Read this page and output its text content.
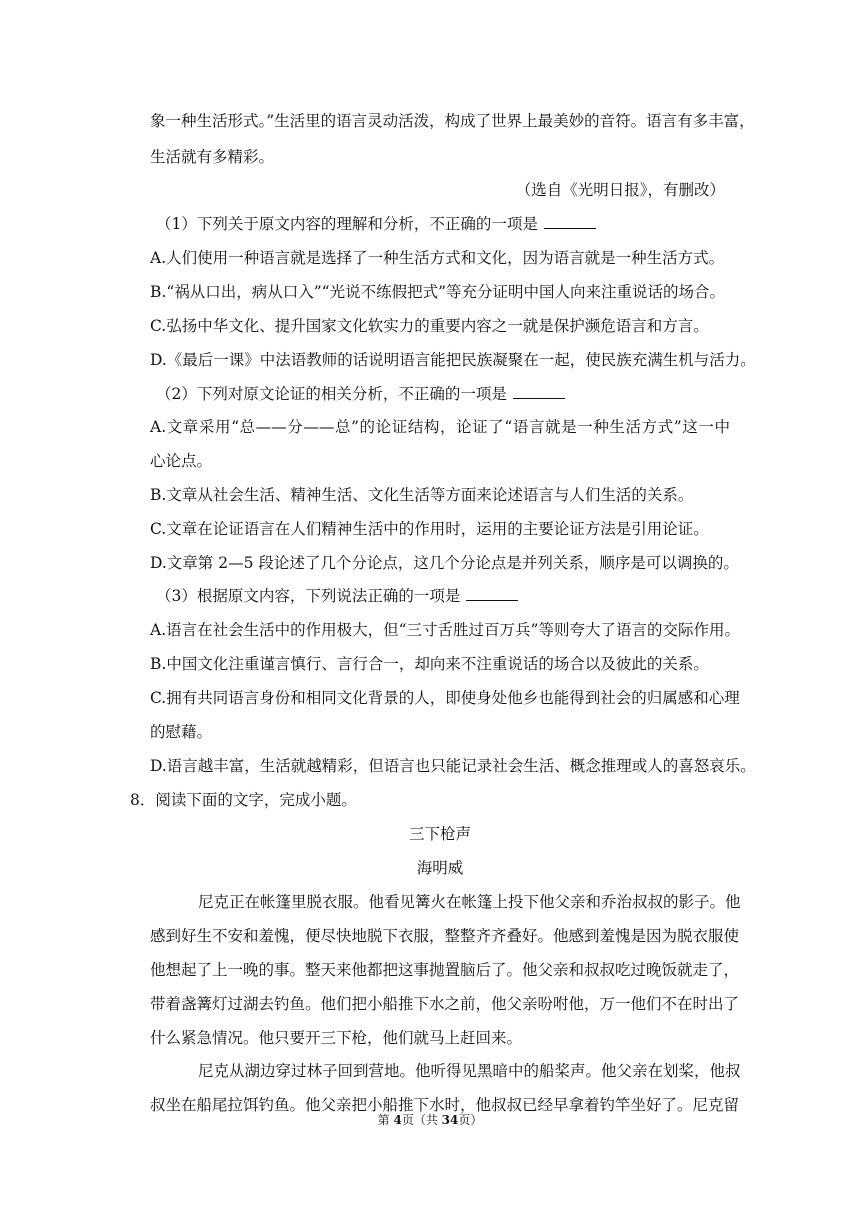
象一种生活形式。”生活里的语言灵动活泼，构成了世界上最美妙的音符。语言有多丰富，
生活就有多精彩。
（选自《光明日报》，有删改）
（1）下列关于原文内容的理解和分析，不正确的一项是
A.人们使用一种语言就是选择了一种生活方式和文化，因为语言就是一种生活方式。
B.“祸从口出，病从口入”“光说不练假把式”等充分证明中国人向来注重说话的场合。
C.弘扬中华文化、提升国家文化软实力的重要内容之一就是保护濒危语言和方言。
D.《最后一课》中法语教师的话说明语言能把民族凝聚在一起，使民族充满生机与活力。
（2）下列对原文论证的相关分析，不正确的一项是
A.文章采用“总——分——总”的论证结构，论证了“语言就是一种生活方式”这一中
心论点。
B.文章从社会生活、精神生活、文化生活等方面来论述语言与人们生活的关系。
C.文章在论证语言在人们精神生活中的作用时，运用的主要论证方法是引用论证。
D.文章第 2—5 段论述了几个分论点，这几个分论点是并列关系，顺序是可以调换的。
（3）根据原文内容，下列说法正确的一项是
A.语言在社会生活中的作用极大，但“三寸舌胜过百万兵”等则夸大了语言的交际作用。
B.中国文化注重谨言慎行、言行合一，却向来不注重说话的场合以及彼此的关系。
C.拥有共同语言身份和相同文化背景的人，即使身处他乡也能得到社会的归属感和心理
的慰藉。
D.语言越丰富，生活就越精彩，但语言也只能记录社会生活、概念推理或人的喜怒哀乐。
8．阅读下面的文字，完成小题。
三下枪声
海明威
尼克正在帐篷里脱衣服。他看见篝火在帐篷上投下他父亲和乔治叔叔的影子。他
感到好生不安和羞愧，便尽快地脱下衣服，整整齐齐叠好。他感到羞愧是因为脱衣服使
他想起了上一晚的事。整天来他都把这事抛置脑后了。他父亲和叔叔吃过晚饭就走了，
带着盏篝灯过湖去钓鱼。他们把小船推下水之前，他父亲吩咐他，万一他们不在时出了
什么紧急情况。他只要开三下枪，他们就马上赶回来。
尼克从湖边穿过林子回到营地。他听得见黑暗中的船桨声。他父亲在划桨，他叔
叔坐在船尾拉饵钓鱼。他父亲把小船推下水时，他叔叔已经早拿着钓竿坐好了。尼克留
第 4页（共 34页）
